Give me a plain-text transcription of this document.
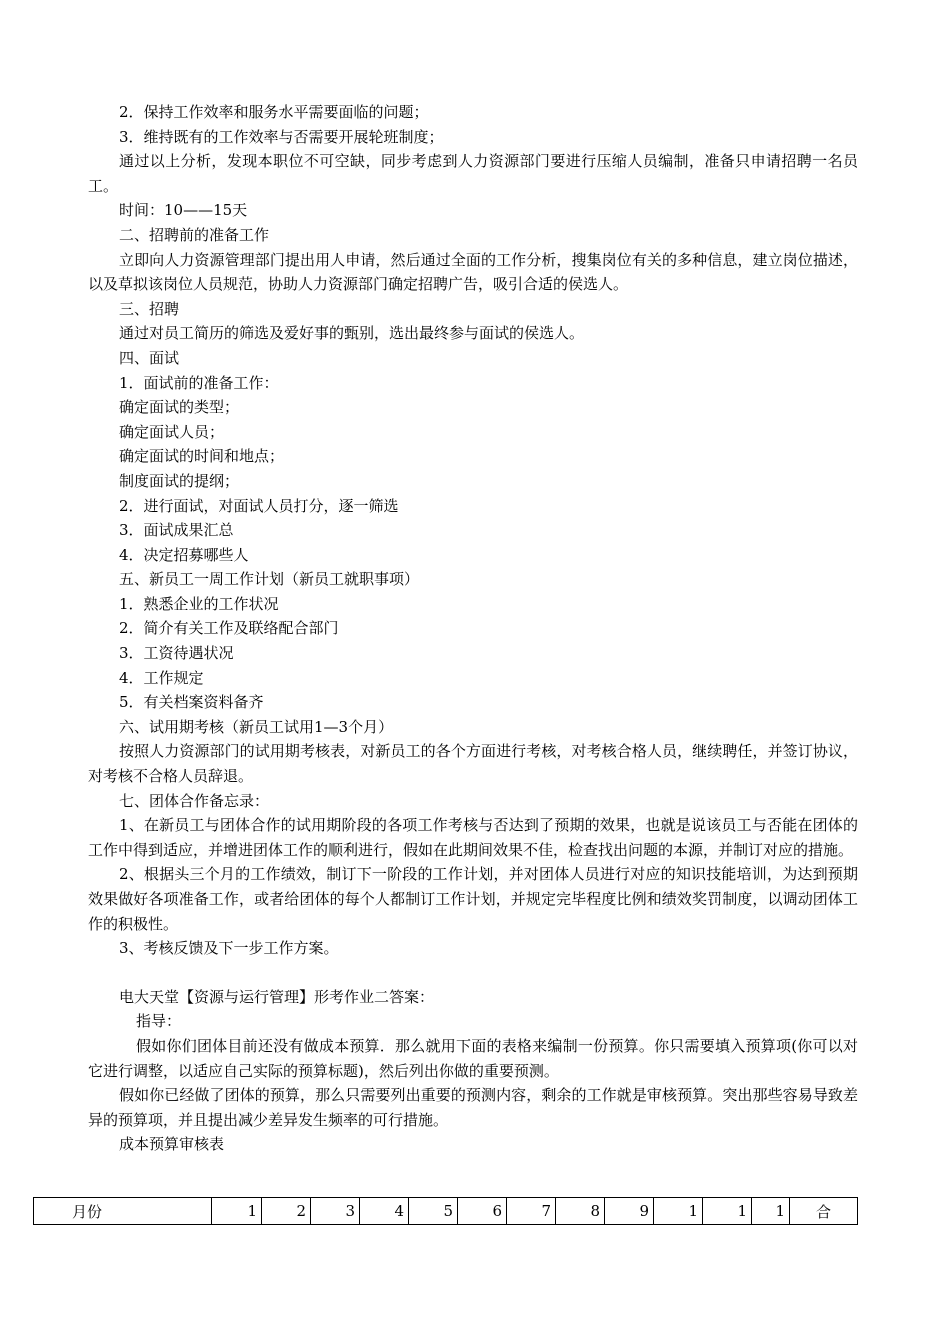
2．保持工作效率和服务水平需要面临的问题；

3．维持既有的工作效率与否需要开展轮班制度；

通过以上分析，发现本职位不可空缺，同步考虑到人力资源部门要进行压缩人员编制，准备只申请招聘一名员工。

时间：10——15天

二、招聘前的准备工作

立即向人力资源管理部门提出用人申请，然后通过全面的工作分析，搜集岗位有关的多种信息，建立岗位描述，以及草拟该岗位人员规范，协助人力资源部门确定招聘广告，吸引合适的侯选人。

三、招聘

通过对员工简历的筛选及爱好事的甄别，选出最终参与面试的侯选人。

四、面试

1．面试前的准备工作：

确定面试的类型；

确定面试人员；

确定面试的时间和地点；

制度面试的提纲；

2．进行面试，对面试人员打分，逐一筛选

3．面试成果汇总

4．决定招募哪些人

五、新员工一周工作计划（新员工就职事项）

1．熟悉企业的工作状况

2．简介有关工作及联络配合部门

3．工资待遇状况

4．工作规定

5．有关档案资料备齐

六、试用期考核（新员工试用1—3个月）

按照人力资源部门的试用期考核表，对新员工的各个方面进行考核，对考核合格人员，继续聘任，并签订协议，对考核不合格人员辞退。

七、团体合作备忘录：

1、在新员工与团体合作的试用期阶段的各项工作考核与否达到了预期的效果，也就是说该员工与否能在团体的工作中得到适应，并增进团体工作的顺利进行，假如在此期间效果不佳，检查找出问题的本源，并制订对应的措施。

2、根据头三个月的工作绩效，制订下一阶段的工作计划，并对团体人员进行对应的知识技能培训，为达到预期效果做好各项准备工作，或者给团体的每个人都制订工作计划，并规定完毕程度比例和绩效奖罚制度，以调动团体工作的积极性。

3、考核反馈及下一步工作方案。

电大天堂【资源与运行管理】形考作业二答案：

指导：

假如你们团体目前还没有做成本预算．那么就用下面的表格来编制一份预算。你只需要填入预算项(你可以对它进行调整，以适应自己实际的预算标题)，然后列出你做的重要预测。

假如你已经做了团体的预算，那么只需要列出重要的预测内容，剩余的工作就是审核预算。突出那些容易导致差异的预算项，并且提出减少差异发生频率的可行措施。

成本预算审核表

月份	1	2	3	4	5	6	7	8	9	1	1	1	合
